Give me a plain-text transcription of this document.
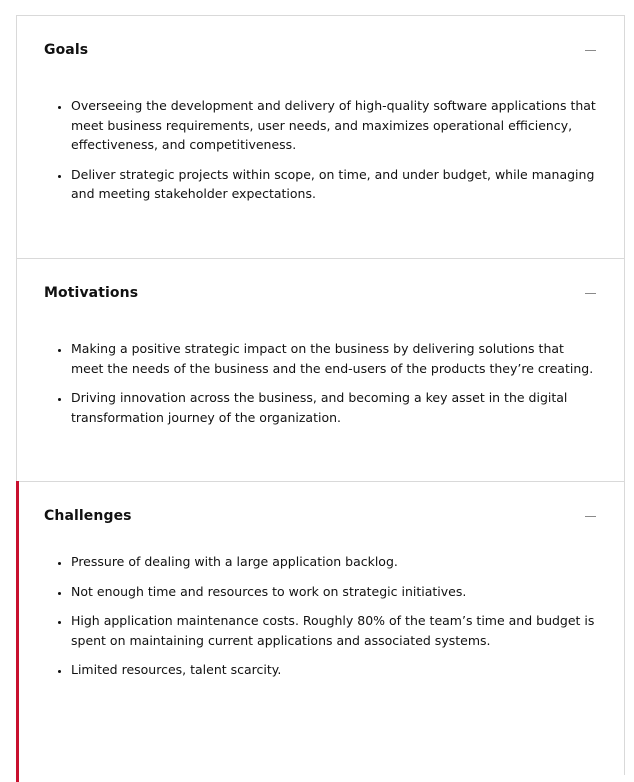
Goals
• Overseeing the development and delivery of high-quality software applications that meet business requirements, user needs, and maximizes operational efficiency, effectiveness, and competitiveness.
• Deliver strategic projects within scope, on time, and under budget, while managing and meeting stakeholder expectations.
Motivations
• Making a positive strategic impact on the business by delivering solutions that meet the needs of the business and the end-users of the products they’re creating.
• Driving innovation across the business, and becoming a key asset in the digital transformation journey of the organization.
Challenges
• Pressure of dealing with a large application backlog.
• Not enough time and resources to work on strategic initiatives.
• High application maintenance costs. Roughly 80% of the team’s time and budget is spent on maintaining current applications and associated systems.
• Limited resources, talent scarcity.
